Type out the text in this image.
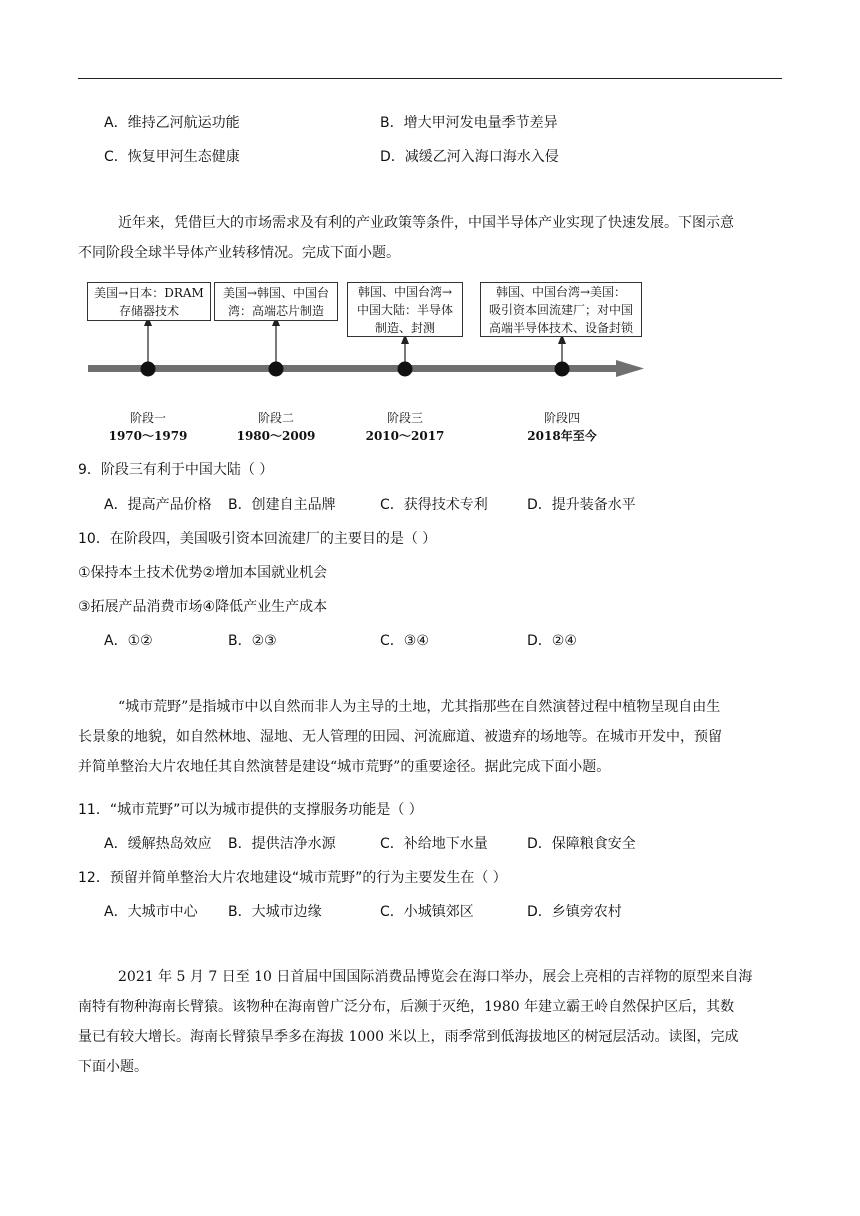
A．维持乙河航运功能	B．增大甲河发电量季节差异
C．恢复甲河生态健康	D．减缓乙河入海口海水入侵
近年来，凭借巨大的市场需求及有利的产业政策等条件，中国半导体产业实现了快速发展。下图示意
不同阶段全球半导体产业转移情况。完成下面小题。
美国→日本：DRAM
存储器技术
美国→韩国、中国台
湾：高端芯片制造
韩国、中国台湾→
中国大陆：半导体
制造、封测
韩国、中国台湾→美国：
吸引资本回流建厂；对中国
高端半导体技术、设备封锁
阶段一
1970～1979
阶段二
1980～2009
阶段三
2010～2017
阶段四
2018年至今
9．阶段三有利于中国大陆（ ）
A．提高产品价格 B．创建自主品牌	C．获得技术专利	D．提升装备水平
10．在阶段四，美国吸引资本回流建厂的主要目的是（ ）
①保持本土技术优势②增加本国就业机会
③拓展产品消费市场④降低产业生产成本
A．①②	B．②③	C．③④	D．②④
“城市荒野”是指城市中以自然而非人为主导的土地，尤其指那些在自然演替过程中植物呈现自由生
长景象的地貌，如自然林地、湿地、无人管理的田园、河流廊道、被遗弃的场地等。在城市开发中，预留
并简单整治大片农地任其自然演替是建设“城市荒野”的重要途径。据此完成下面小题。
11．“城市荒野”可以为城市提供的支撑服务功能是（ ）
A．缓解热岛效应 B．提供洁净水源	C．补给地下水量	D．保障粮食安全
12．预留并简单整治大片农地建设“城市荒野”的行为主要发生在（ ）
A．大城市中心 B．大城市边缘	C．小城镇郊区	D．乡镇旁农村
2021 年 5 月 7 日至 10 日首届中国国际消费品博览会在海口举办，展会上亮相的吉祥物的原型来自海
南特有物种海南长臂猿。该物种在海南曾广泛分布，后濒于灭绝，1980 年建立霸王岭自然保护区后，其数
量已有较大增长。海南长臂猿旱季多在海拔 1000 米以上，雨季常到低海拔地区的树冠层活动。读图，完成
下面小题。
